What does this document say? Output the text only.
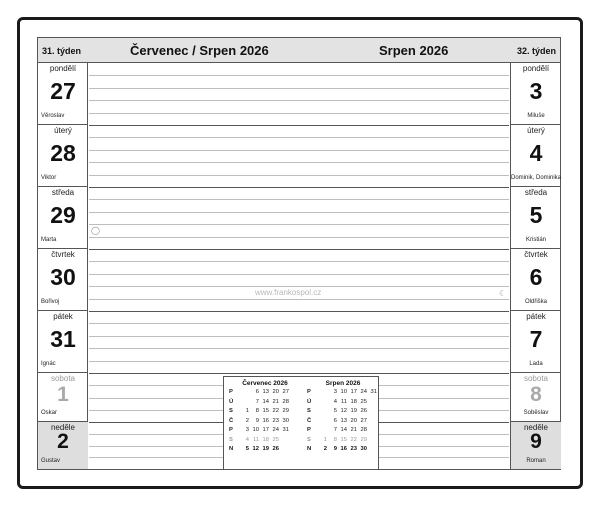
31. týden	Červenec / Srpen 2026	Srpen 2026	32. týden
pondělí
27
Věroslav
úterý
28
Viktor
středa
29
Marta
čtvrtek
30
Bořivoj
pátek
31
Ignác
sobota
1
Oskar
neděle
2
Gustav
◯
☾
www.frankospol.cz
pondělí
3
Miluše
úterý
4
Dominik, Dominika
středa
5
Kristián
čtvrtek
6
Oldřiška
pátek
7
Lada
sobota
8
Soběslav
neděle
9
Roman
Červenec 2026
P	6 13 20 27
Ú	7 14 21 28
S	1 8 15 22 29
Č	2 9 16 23 30
P	3 10 17 24 31
S	4 11 18 25
N	5 12 19 26
Srpen 2026
P	3 10 17 24 31
Ú	4 11 18 25
S	5 12 19 26
Č	6 13 20 27
P	7 14 21 28
S	1 8 15 22 29
N	2 9 16 23 30
